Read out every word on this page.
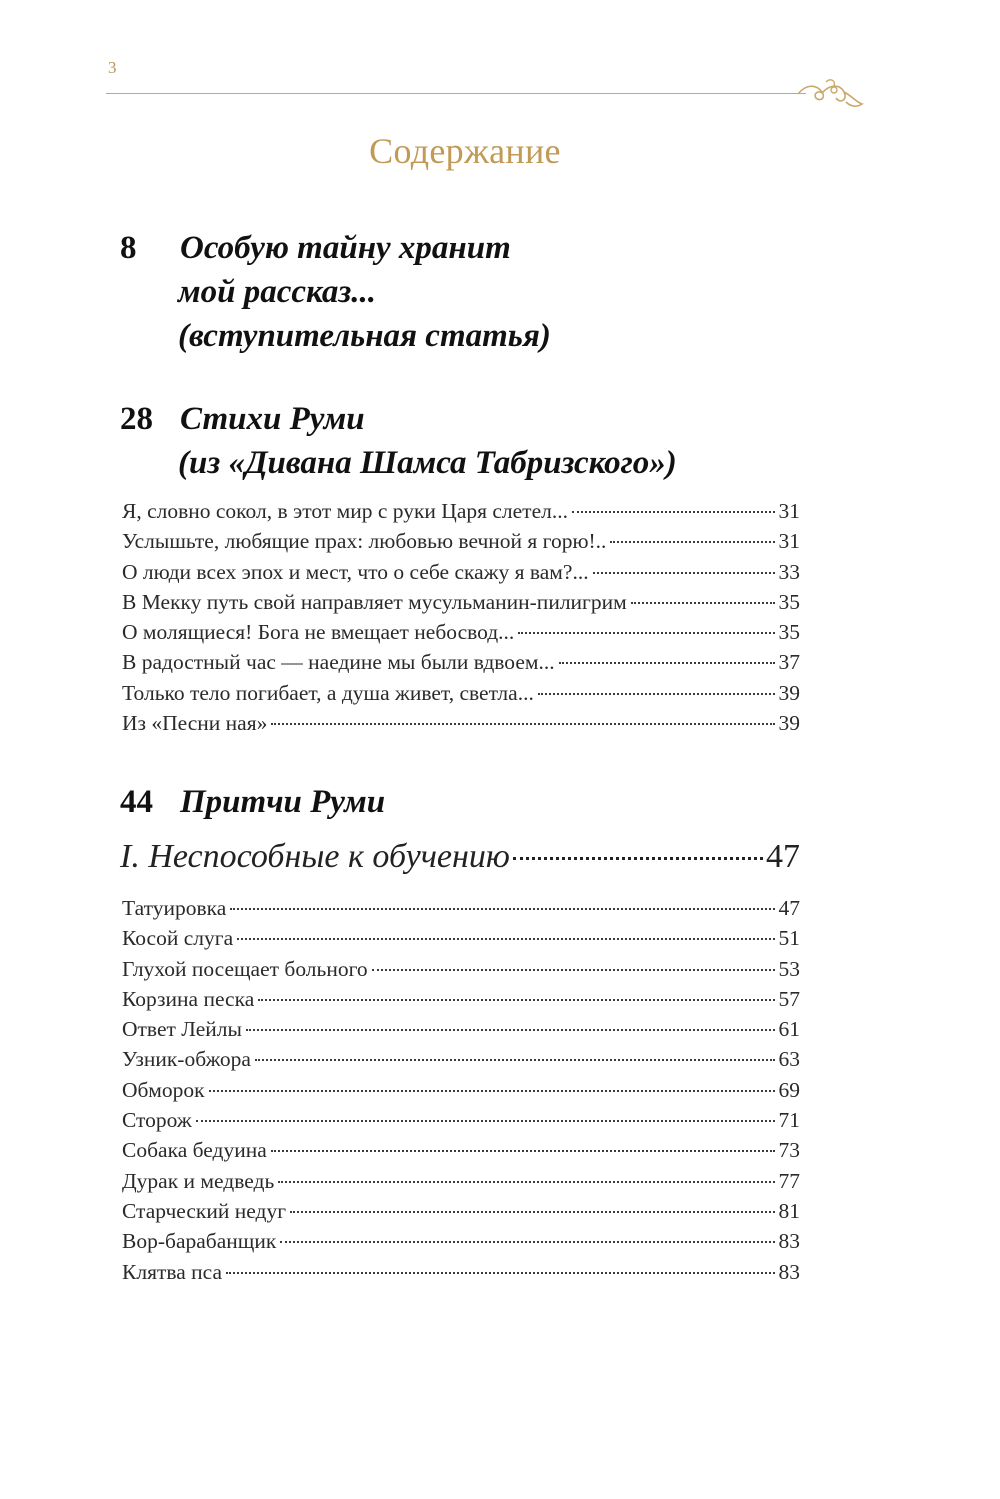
3
Содержание
8 Особую тайну хранит
мой рассказ...
(вступительная статья)
28 Стихи Руми
(из «Дивана Шамса Табризского»)
Я, словно сокол, в этот мир с руки Царя слетел...	31
Услышьте, любящие прах: любовью вечной я горю!..	31
О люди всех эпох и мест, что о себе скажу я вам?...	33
В Мекку путь свой направляет мусульманин-пилигрим	35
О молящиеся! Бога не вмещает небосвод...	35
В радостный час — наедине мы были вдвоем...	37
Только тело погибает, а душа живет, светла...	39
Из «Песни ная»	39
44 Притчи Руми
I. Неспособные к обучению	47
Татуировка	47
Косой слуга	51
Глухой посещает больного	53
Корзина песка	57
Ответ Лейлы	61
Узник-обжора	63
Обморок	69
Сторож	71
Собака бедуина	73
Дурак и медведь	77
Старческий недуг	81
Вор-барабанщик	83
Клятва пса	83
